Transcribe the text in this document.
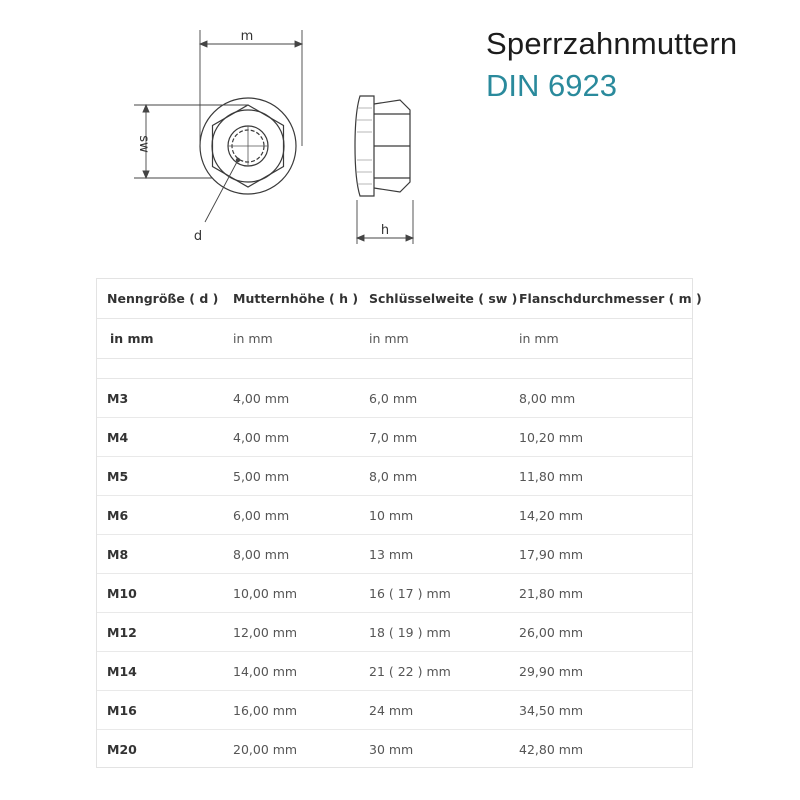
m
sw
d	h
Sperrzahnmuttern
DIN 6923
Nenngröße ( d )	Mutternhöhe ( h )	Schlüsselweite ( sw )	Flanschdurchmesser ( m )
in mm	in mm	in mm	in mm

M3	4,00 mm	6,0 mm	8,00 mm
M4	4,00 mm	7,0 mm	10,20 mm
M5	5,00 mm	8,0 mm	11,80 mm
M6	6,00 mm	10 mm	14,20 mm
M8	8,00 mm	13 mm	17,90 mm
M10	10,00 mm	16 ( 17 ) mm	21,80 mm
M12	12,00 mm	18 ( 19 ) mm	26,00 mm
M14	14,00 mm	21 ( 22 ) mm	29,90 mm
M16	16,00 mm	24 mm	34,50 mm
M20	20,00 mm	30 mm	42,80 mm
